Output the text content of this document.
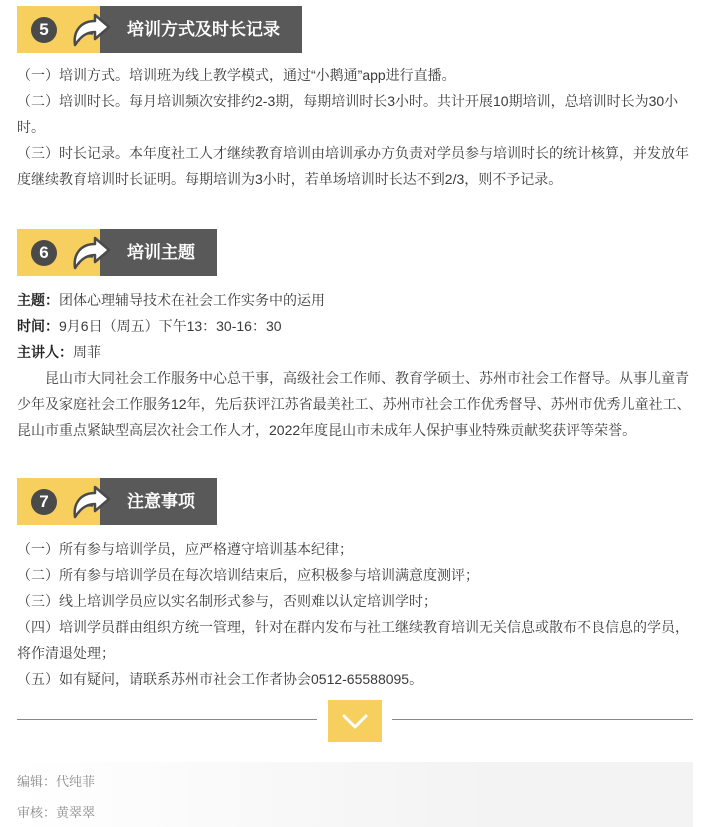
5	培训方式及时长记录

（一）培训方式。培训班为线上教学模式，通过“小鹅通”app进行直播。

（二）培训时长。每月培训频次安排约2-3期，每期培训时长3小时。共计开展10期培训，总培训时长为30小时。

（三）时长记录。本年度社工人才继续教育培训由培训承办方负责对学员参与培训时长的统计核算，并发放年度继续教育培训时长证明。每期培训为3小时，若单场培训时长达不到2/3，则不予记录。

6	培训主题

主题：团体心理辅导技术在社会工作实务中的运用

时间：9月6日（周五）下午13：30-16：30

主讲人：周菲

昆山市大同社会工作服务中心总干事，高级社会工作师、教育学硕士、苏州市社会工作督导。从事儿童青少年及家庭社会工作服务12年，先后获评江苏省最美社工、苏州市社会工作优秀督导、苏州市优秀儿童社工、昆山市重点紧缺型高层次社会工作人才，2022年度昆山市未成年人保护事业特殊贡献奖获评等荣誉。

7	注意事项

（一）所有参与培训学员，应严格遵守培训基本纪律；

（二）所有参与培训学员在每次培训结束后，应积极参与培训满意度测评；

（三）线上培训学员应以实名制形式参与，否则难以认定培训学时；

（四）培训学员群由组织方统一管理，针对在群内发布与社工继续教育培训无关信息或散布不良信息的学员，将作清退处理；

（五）如有疑问，请联系苏州市社会工作者协会0512-65588095。

编辑：代纯菲
审核：黄翠翠
